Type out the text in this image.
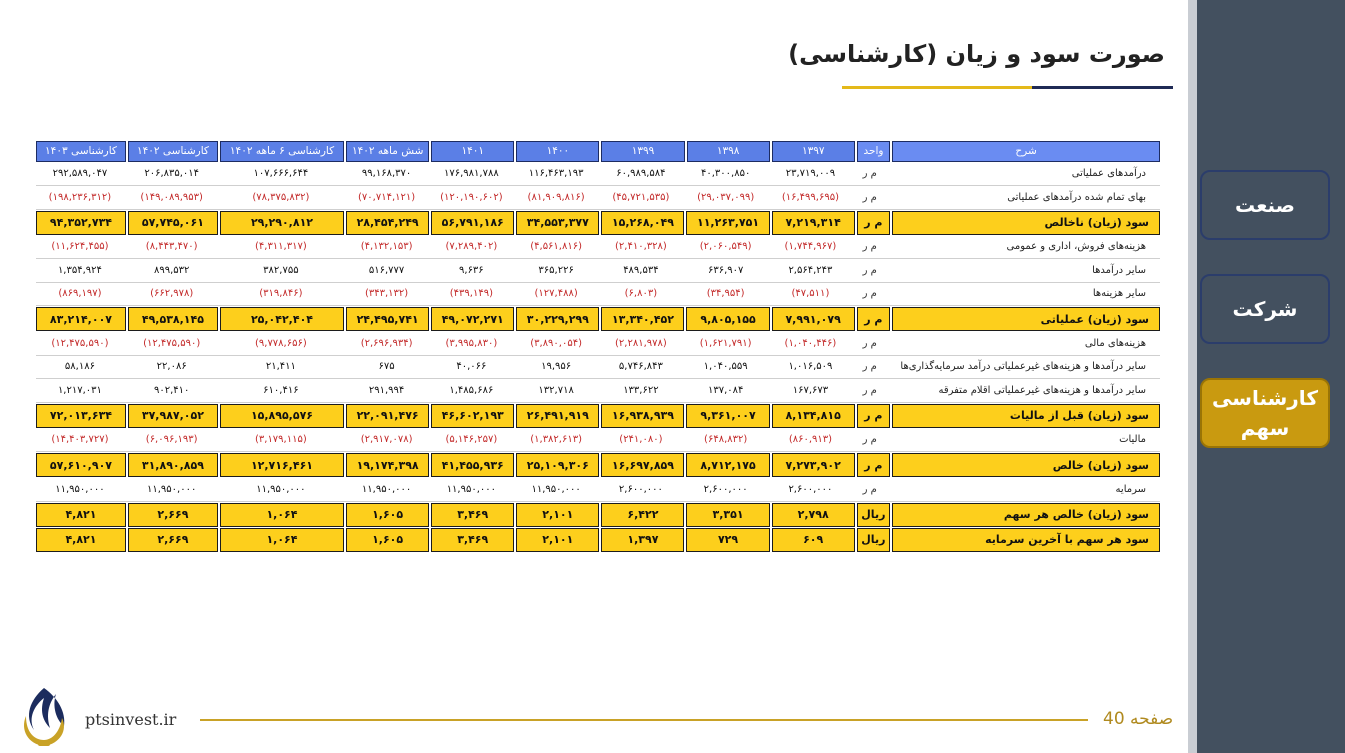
صنعت
شرکت
کارشناسی سهم
صورت سود و زیان (کارشناسی)
شرح
واحد
۱۳۹۷
۱۳۹۸
۱۳۹۹
۱۴۰۰
۱۴۰۱
شش ماهه ۱۴۰۲
کارشناسی ۶ ماهه ۱۴۰۲
کارشناسی ۱۴۰۲
کارشناسی ۱۴۰۳
درآمدهای عملیاتی
م ر
۲۳,۷۱۹,۰۰۹
۴۰,۳۰۰,۸۵۰
۶۰,۹۸۹,۵۸۴
۱۱۶,۴۶۳,۱۹۳
۱۷۶,۹۸۱,۷۸۸
۹۹,۱۶۸,۳۷۰
۱۰۷,۶۶۶,۶۴۴
۲۰۶,۸۳۵,۰۱۴
۲۹۲,۵۸۹,۰۴۷
بهای تمام شده درآمدهای عملیاتی
م ر
(۱۶,۴۹۹,۶۹۵)
(۲۹,۰۳۷,۰۹۹)
(۴۵,۷۲۱,۵۳۵)
(۸۱,۹۰۹,۸۱۶)
(۱۲۰,۱۹۰,۶۰۲)
(۷۰,۷۱۴,۱۲۱)
(۷۸,۳۷۵,۸۳۲)
(۱۴۹,۰۸۹,۹۵۳)
(۱۹۸,۲۳۶,۳۱۲)
سود (زیان) ناخالص
م ر
۷,۲۱۹,۳۱۴
۱۱,۲۶۳,۷۵۱
۱۵,۲۶۸,۰۴۹
۳۴,۵۵۳,۳۷۷
۵۶,۷۹۱,۱۸۶
۲۸,۴۵۴,۲۴۹
۲۹,۲۹۰,۸۱۲
۵۷,۷۴۵,۰۶۱
۹۴,۳۵۲,۷۳۴
هزینه‌های فروش، اداری و عمومی
م ر
(۱,۷۴۴,۹۶۷)
(۲,۰۶۰,۵۴۹)
(۲,۴۱۰,۳۲۸)
(۴,۵۶۱,۸۱۶)
(۷,۲۸۹,۴۰۲)
(۴,۱۳۲,۱۵۳)
(۴,۳۱۱,۳۱۷)
(۸,۴۴۳,۴۷۰)
(۱۱,۶۲۴,۴۵۵)
سایر درآمدها
م ر
۲,۵۶۴,۲۴۳
۶۳۶,۹۰۷
۴۸۹,۵۳۴
۳۶۵,۲۲۶
۹,۶۳۶
۵۱۶,۷۷۷
۳۸۲,۷۵۵
۸۹۹,۵۳۲
۱,۳۵۴,۹۲۴
سایر هزینه‌ها
م ر
(۴۷,۵۱۱)
(۳۴,۹۵۴)
(۶,۸۰۳)
(۱۲۷,۴۸۸)
(۴۳۹,۱۴۹)
(۳۴۳,۱۳۲)
(۳۱۹,۸۴۶)
(۶۶۲,۹۷۸)
(۸۶۹,۱۹۷)
سود (زیان) عملیاتی
م ر
۷,۹۹۱,۰۷۹
۹,۸۰۵,۱۵۵
۱۳,۳۴۰,۴۵۲
۳۰,۲۲۹,۲۹۹
۴۹,۰۷۲,۲۷۱
۲۴,۴۹۵,۷۴۱
۲۵,۰۴۲,۴۰۴
۴۹,۵۳۸,۱۴۵
۸۳,۲۱۴,۰۰۷
هزینه‌های مالی
م ر
(۱,۰۴۰,۴۴۶)
(۱,۶۲۱,۷۹۱)
(۲,۲۸۱,۹۷۸)
(۳,۸۹۰,۰۵۴)
(۳,۹۹۵,۸۳۰)
(۲,۶۹۶,۹۳۴)
(۹,۷۷۸,۶۵۶)
(۱۲,۴۷۵,۵۹۰)
(۱۲,۴۷۵,۵۹۰)
سایر درآمدها و هزینه‌های غیرعملیاتی درآمد سرمایه‌گذاری‌ها
م ر
۱,۰۱۶,۵۰۹
۱,۰۴۰,۵۵۹
۵,۷۴۶,۸۴۳
۱۹,۹۵۶
۴۰,۰۶۶
۶۷۵
۲۱,۴۱۱
۲۲,۰۸۶
۵۸,۱۸۶
سایر درآمدها و هزینه‌های غیرعملیاتی اقلام متفرقه
م ر
۱۶۷,۶۷۳
۱۳۷,۰۸۴
۱۳۳,۶۲۲
۱۳۲,۷۱۸
۱,۴۸۵,۶۸۶
۲۹۱,۹۹۴
۶۱۰,۴۱۶
۹۰۲,۴۱۰
۱,۲۱۷,۰۳۱
سود (زیان) قبل از مالیات
م ر
۸,۱۳۴,۸۱۵
۹,۳۶۱,۰۰۷
۱۶,۹۳۸,۹۳۹
۲۶,۴۹۱,۹۱۹
۴۶,۶۰۲,۱۹۳
۲۲,۰۹۱,۴۷۶
۱۵,۸۹۵,۵۷۶
۳۷,۹۸۷,۰۵۲
۷۲,۰۱۳,۶۳۴
مالیات
م ر
(۸۶۰,۹۱۳)
(۶۴۸,۸۳۲)
(۲۴۱,۰۸۰)
(۱,۳۸۲,۶۱۳)
(۵,۱۴۶,۲۵۷)
(۲,۹۱۷,۰۷۸)
(۳,۱۷۹,۱۱۵)
(۶,۰۹۶,۱۹۳)
(۱۴,۴۰۳,۷۲۷)
سود (زیان) خالص
م ر
۷,۲۷۳,۹۰۲
۸,۷۱۲,۱۷۵
۱۶,۶۹۷,۸۵۹
۲۵,۱۰۹,۳۰۶
۴۱,۴۵۵,۹۳۶
۱۹,۱۷۴,۳۹۸
۱۲,۷۱۶,۴۶۱
۳۱,۸۹۰,۸۵۹
۵۷,۶۱۰,۹۰۷
سرمایه
م ر
۲,۶۰۰,۰۰۰
۲,۶۰۰,۰۰۰
۲,۶۰۰,۰۰۰
۱۱,۹۵۰,۰۰۰
۱۱,۹۵۰,۰۰۰
۱۱,۹۵۰,۰۰۰
۱۱,۹۵۰,۰۰۰
۱۱,۹۵۰,۰۰۰
۱۱,۹۵۰,۰۰۰
سود (زیان) خالص هر سهم
ریال
۲,۷۹۸
۳,۳۵۱
۶,۴۲۲
۲,۱۰۱
۳,۴۶۹
۱,۶۰۵
۱,۰۶۴
۲,۶۶۹
۴,۸۲۱
سود هر سهم با آخرین سرمایه
ریال
۶۰۹
۷۲۹
۱,۳۹۷
۲,۱۰۱
۳,۴۶۹
۱,۶۰۵
۱,۰۶۴
۲,۶۶۹
۴,۸۲۱
ptsinvest.ir	صفحه 40
